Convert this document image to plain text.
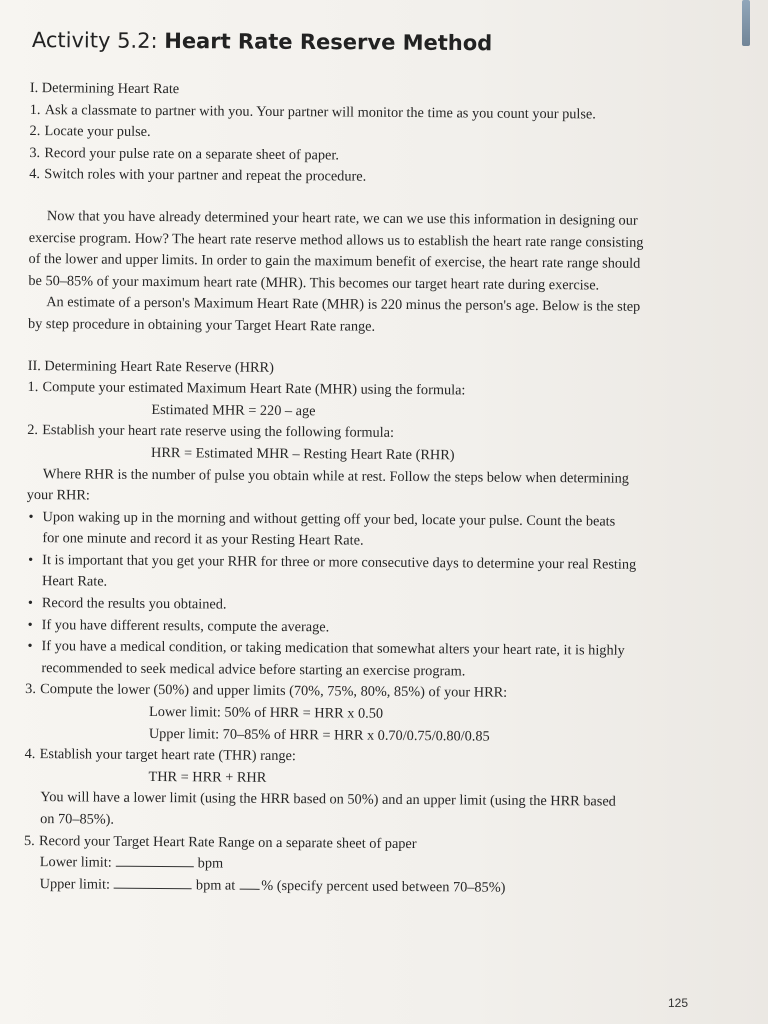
Activity 5.2: Heart Rate Reserve Method
I. Determining Heart Rate
1. Ask a classmate to partner with you. Your partner will monitor the time as you count your pulse.
2. Locate your pulse.
3. Record your pulse rate on a separate sheet of paper.
4. Switch roles with your partner and repeat the procedure.
Now that you have already determined your heart rate, we can we use this information in designing our
exercise program. How? The heart rate reserve method allows us to establish the heart rate range consisting
of the lower and upper limits. In order to gain the maximum benefit of exercise, the heart rate range should
be 50–85% of your maximum heart rate (MHR). This becomes our target heart rate during exercise.
An estimate of a person's Maximum Heart Rate (MHR) is 220 minus the person's age. Below is the step
by step procedure in obtaining your Target Heart Rate range.
II. Determining Heart Rate Reserve (HRR)
1. Compute your estimated Maximum Heart Rate (MHR) using the formula:
Estimated MHR = 220 – age
2. Establish your heart rate reserve using the following formula:
HRR = Estimated MHR – Resting Heart Rate (RHR)
Where RHR is the number of pulse you obtain while at rest. Follow the steps below when determining
your RHR:
• Upon waking up in the morning and without getting off your bed, locate your pulse. Count the beats
for one minute and record it as your Resting Heart Rate.
• It is important that you get your RHR for three or more consecutive days to determine your real Resting
Heart Rate.
• Record the results you obtained.
• If you have different results, compute the average.
• If you have a medical condition, or taking medication that somewhat alters your heart rate, it is highly
recommended to seek medical advice before starting an exercise program.
3. Compute the lower (50%) and upper limits (70%, 75%, 80%, 85%) of your HRR:
Lower limit: 50% of HRR = HRR x 0.50
Upper limit: 70–85% of HRR = HRR x 0.70/0.75/0.80/0.85
4. Establish your target heart rate (THR) range:
THR = HRR + RHR
You will have a lower limit (using the HRR based on 50%) and an upper limit (using the HRR based
on 70–85%).
5. Record your Target Heart Rate Range on a separate sheet of paper
Lower limit:	bpm
Upper limit:	bpm at % (specify percent used between 70–85%)
125
